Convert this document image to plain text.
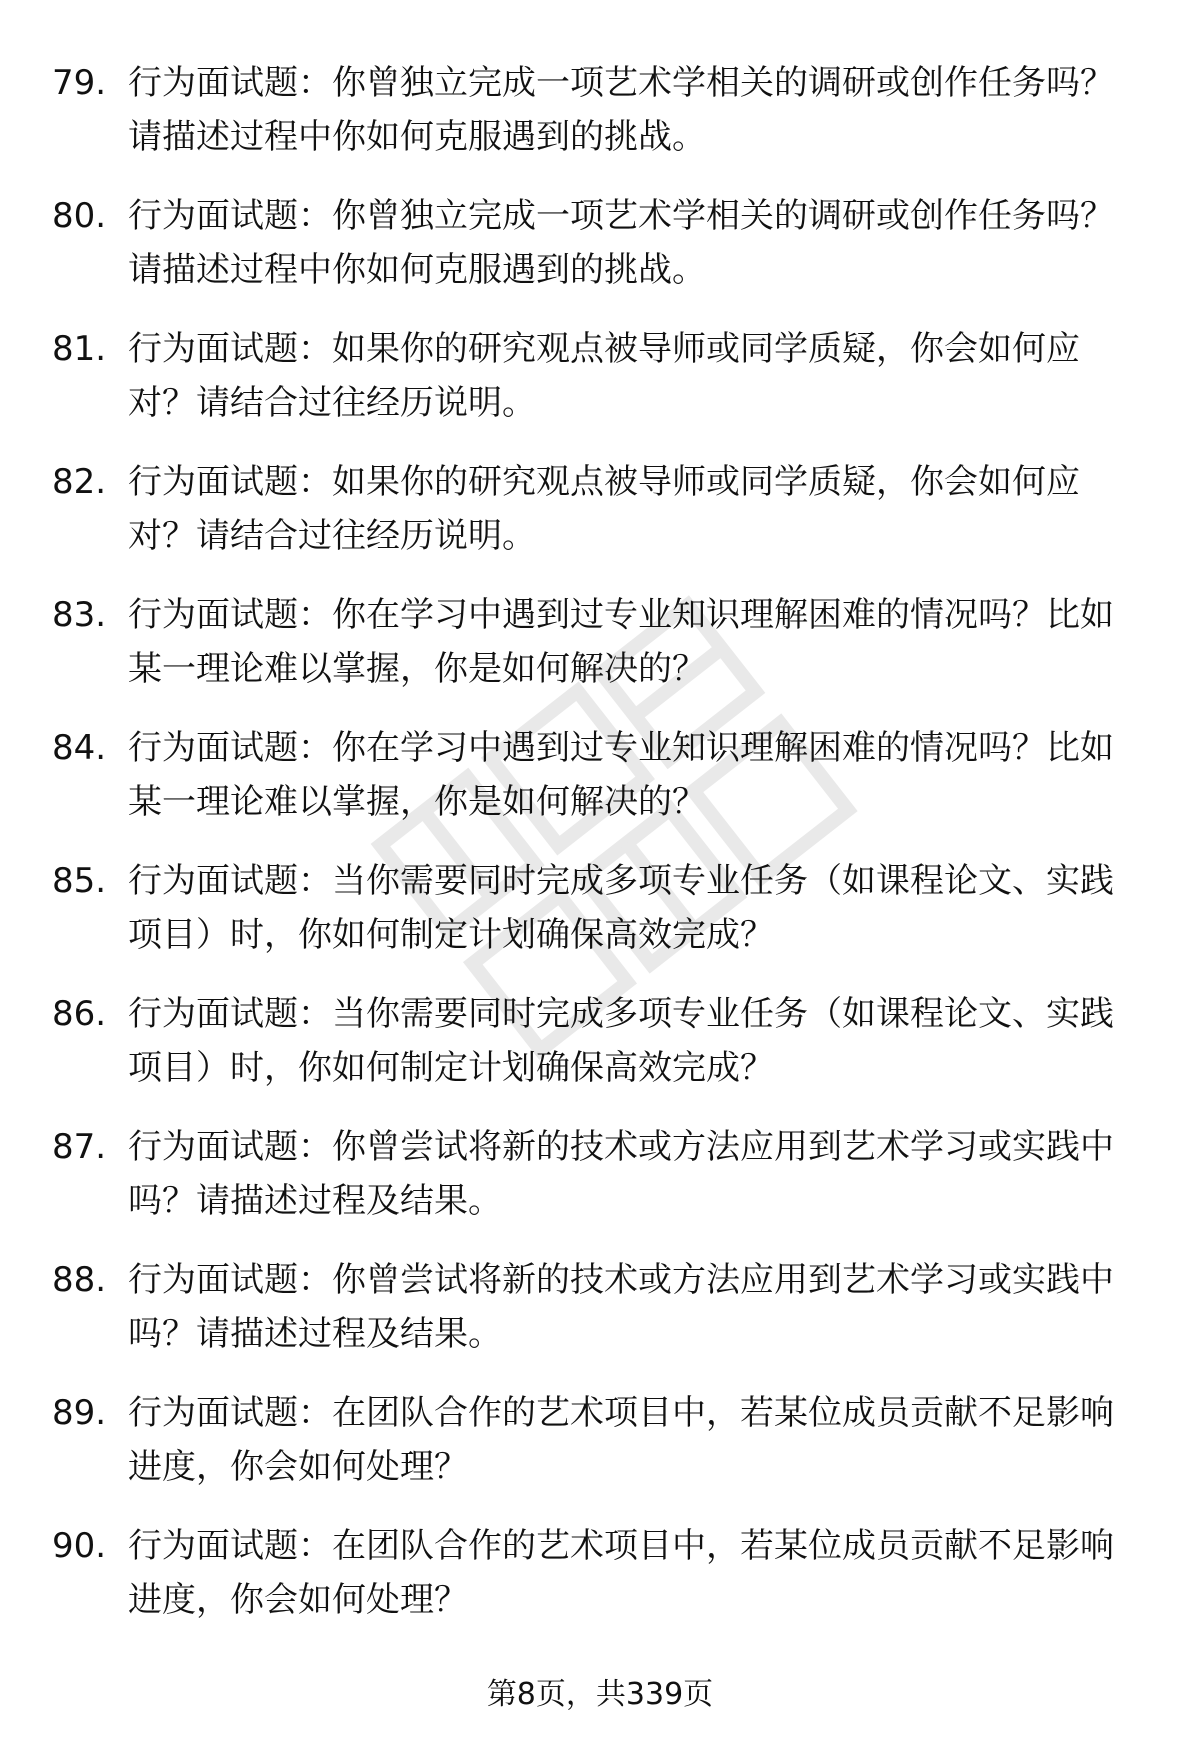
79. 行为面试题：你曾独立完成一项艺术学相关的调研或创作任务吗？请描述过程中你如何克服遇到的挑战。
80. 行为面试题：你曾独立完成一项艺术学相关的调研或创作任务吗？请描述过程中你如何克服遇到的挑战。
81. 行为面试题：如果你的研究观点被导师或同学质疑，你会如何应对？请结合过往经历说明。
82. 行为面试题：如果你的研究观点被导师或同学质疑，你会如何应对？请结合过往经历说明。
83. 行为面试题：你在学习中遇到过专业知识理解困难的情况吗？比如某一理论难以掌握，你是如何解决的？
84. 行为面试题：你在学习中遇到过专业知识理解困难的情况吗？比如某一理论难以掌握，你是如何解决的？
85. 行为面试题：当你需要同时完成多项专业任务（如课程论文、实践项目）时，你如何制定计划确保高效完成？
86. 行为面试题：当你需要同时完成多项专业任务（如课程论文、实践项目）时，你如何制定计划确保高效完成？
87. 行为面试题：你曾尝试将新的技术或方法应用到艺术学习或实践中吗？请描述过程及结果。
88. 行为面试题：你曾尝试将新的技术或方法应用到艺术学习或实践中吗？请描述过程及结果。
89. 行为面试题：在团队合作的艺术项目中，若某位成员贡献不足影响进度，你会如何处理？
90. 行为面试题：在团队合作的艺术项目中，若某位成员贡献不足影响进度，你会如何处理？
第8页，共339页
